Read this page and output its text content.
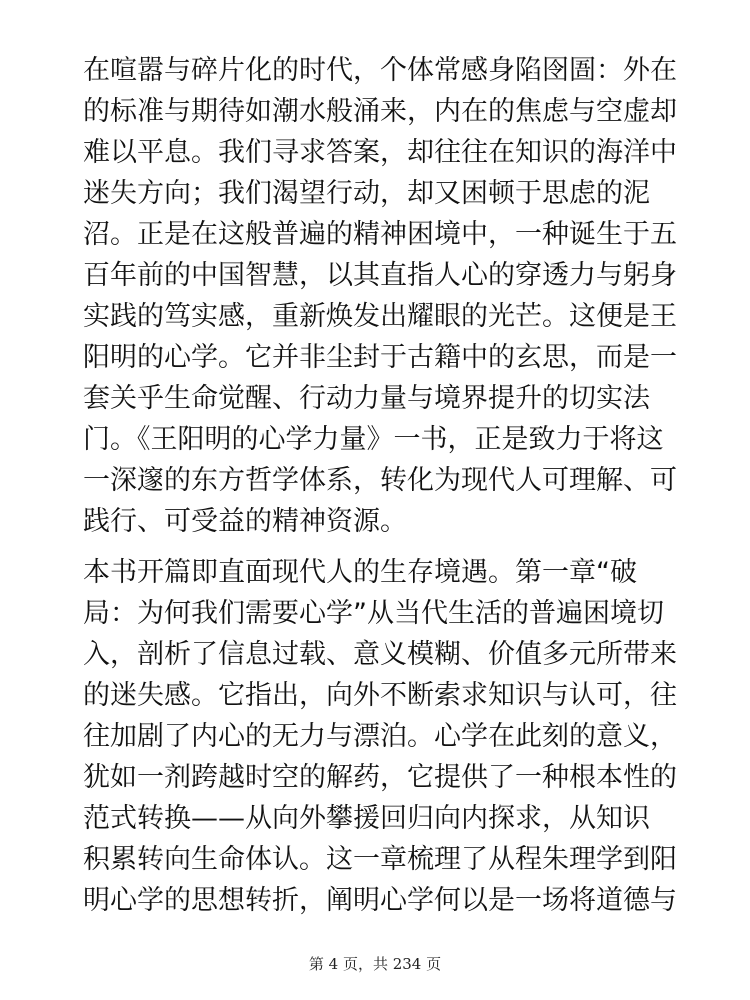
在喧嚣与碎片化的时代，个体常感身陷囹圄：外在
的标准与期待如潮水般涌来，内在的焦虑与空虚却
难以平息。我们寻求答案，却往往在知识的海洋中
迷失方向；我们渴望行动，却又困顿于思虑的泥
沼。正是在这般普遍的精神困境中，一种诞生于五
百年前的中国智慧，以其直指人心的穿透力与躬身
实践的笃实感，重新焕发出耀眼的光芒。这便是王
阳明的心学。它并非尘封于古籍中的玄思，而是一
套关乎生命觉醒、行动力量与境界提升的切实法
门。《王阳明的心学力量》一书，正是致力于将这
一深邃的东方哲学体系，转化为现代人可理解、可
践行、可受益的精神资源。

本书开篇即直面现代人的生存境遇。第一章“破
局：为何我们需要心学”从当代生活的普遍困境切
入，剖析了信息过载、意义模糊、价值多元所带来
的迷失感。它指出，向外不断索求知识与认可，往
往加剧了内心的无力与漂泊。心学在此刻的意义，
犹如一剂跨越时空的解药，它提供了一种根本性的
范式转换——从向外攀援回归向内探求，从知识
积累转向生命体认。这一章梳理了从程朱理学到阳
明心学的思想转折，阐明心学何以是一场将道德与

第 4 页，共 234 页
